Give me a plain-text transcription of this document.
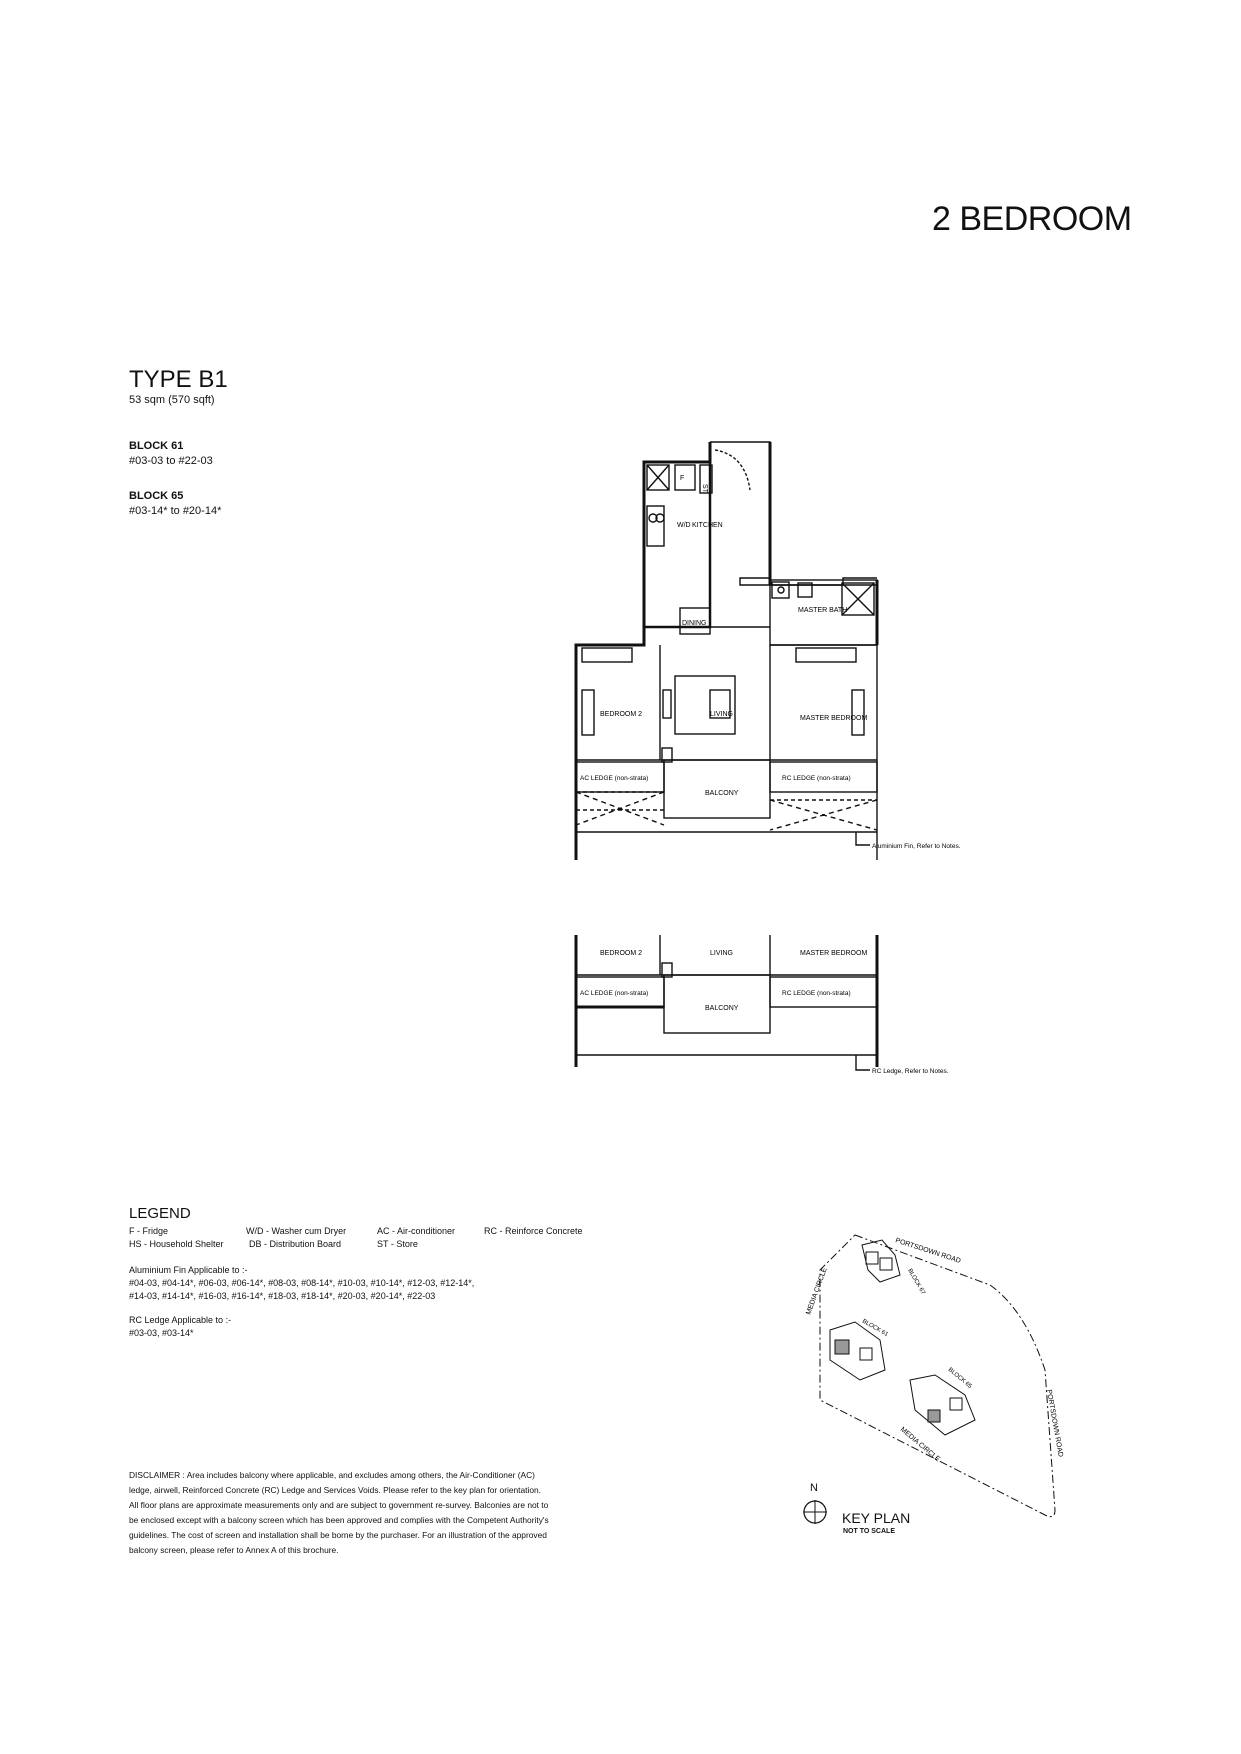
2 BEDROOM
TYPE B1
53 sqm (570 sqft)
BLOCK 61
#03-03 to #22-03
BLOCK 65
#03-14* to #20-14*
W/D KITCHEN
F
ST
DINING
MASTER BATH
BEDROOM 2	LIVING
MASTER BEDROOM
AC LEDGE (non-strata)
BALCONY
RC LEDGE (non-strata)
Aluminium Fin, Refer to Notes.
BEDROOM 2	LIVING	MASTER BEDROOM
AC LEDGE (non-strata)
BALCONY
RC LEDGE (non-strata)
RC Ledge, Refer to Notes.
LEGEND
F - Fridge	W/D - Washer cum Dryer	AC - Air-conditioner	RC - Reinforce Concrete
HS - Household Shelter	DB - Distribution Board	ST - Store
Aluminium Fin Applicable to :-
#04-03, #04-14*, #06-03, #06-14*, #08-03, #08-14*, #10-03, #10-14*, #12-03, #12-14*,
#14-03, #14-14*, #16-03, #16-14*, #18-03, #18-14*, #20-03, #20-14*, #22-03
RC Ledge Applicable to :-
#03-03, #03-14*
DISCLAIMER : Area includes balcony where applicable, and excludes among others, the Air-Conditioner (AC) ledge, airwell, Reinforced Concrete (RC) Ledge and Services Voids. Please refer to the key plan for orientation. All floor plans are approximate measurements only and are subject to government re-survey. Balconies are not to be enclosed except with a balcony screen which has been approved and complies with the Competent Authority's guidelines. The cost of screen and installation shall be borne by the purchaser. For an illustration of the approved balcony screen, please refer to Annex A of this brochure.
PORTSDOWN ROAD
MEDIA CIRCLE
PORTSDOWN ROAD
MEDIA CIRCLE
BLOCK 67
BLOCK 61
BLOCK 65
N
KEY PLAN
NOT TO SCALE
